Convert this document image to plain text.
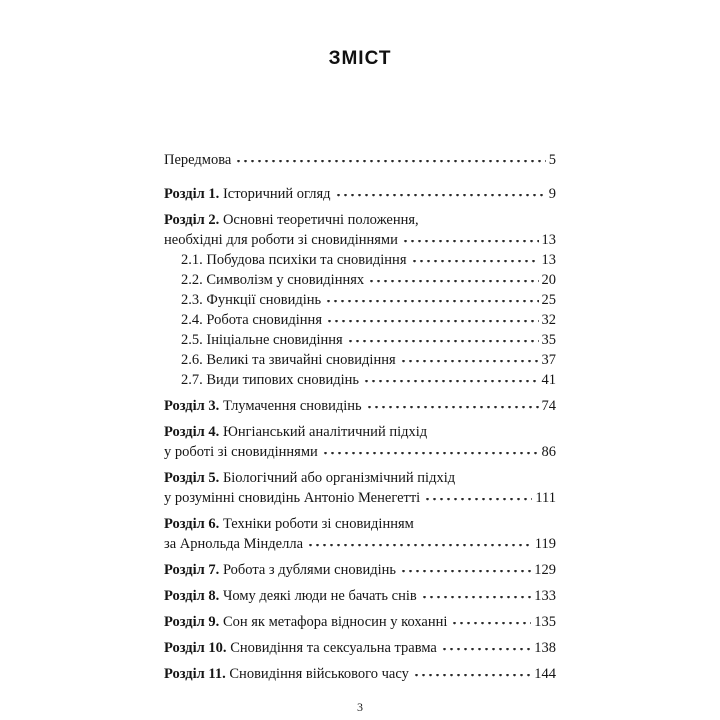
ЗМІСТ
Передмова	5
Розділ 1. Історичний огляд	9
Розділ 2. Основні теоретичні положення,
необхідні для роботи зі сновидіннями	13
2.1. Побудова психіки та сновидіння	13
2.2. Символізм у сновидіннях	20
2.3. Функції сновидінь	25
2.4. Робота сновидіння	32
2.5. Ініціальне сновидіння	35
2.6. Великі та звичайні сновидіння	37
2.7. Види типових сновидінь	41
Розділ 3. Тлумачення сновидінь	74
Розділ 4. Юнгіанський аналітичний підхід
у роботі зі сновидіннями	86
Розділ 5. Біологічний або організмічний підхід
у розумінні сновидінь Антоніо Менегетті	111
Розділ 6. Техніки роботи зі сновидінням
за Арнольда Мінделла	119
Розділ 7. Робота з дублями сновидінь	129
Розділ 8. Чому деякі люди не бачать снів	133
Розділ 9. Сон як метафора відносин у коханні	135
Розділ 10. Сновидіння та сексуальна травма	138
Розділ 11. Сновидіння військового часу	144
3
